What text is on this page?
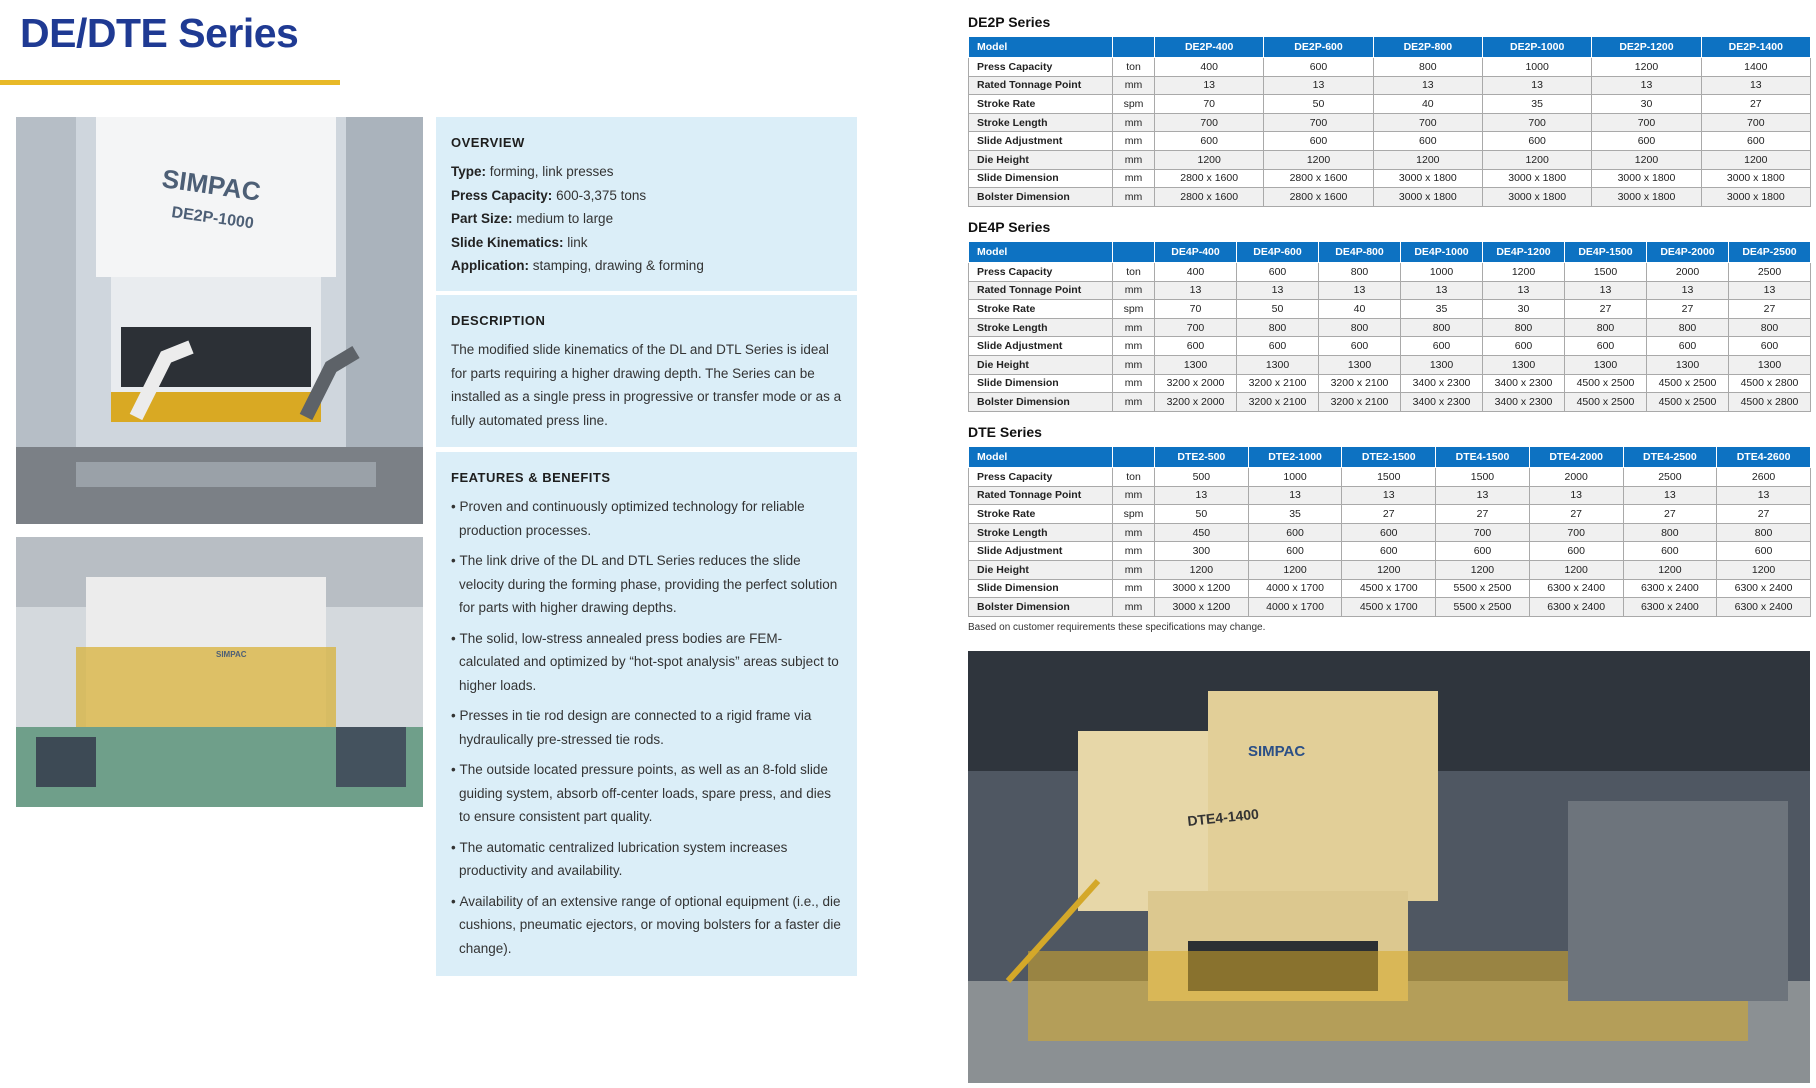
DE/DTE Series
SIMPAC
DE2P-1000
SIMPAC
OVERVIEW
Type: forming, link presses
Press Capacity: 600-3,375 tons
Part Size: medium to large
Slide Kinematics: link
Application: stamping, drawing & forming
DESCRIPTION
The modified slide kinematics of the DL and DTL Series is ideal for parts requiring a higher drawing depth. The Series can be installed as a single press in progressive or transfer mode or as a fully automated press line.
FEATURES & BENEFITS
• Proven and continuously optimized technology for reliable production processes.
• The link drive of the DL and DTL Series reduces the slide velocity during the forming phase, providing the perfect solution for parts with higher drawing depths.
• The solid, low-stress annealed press bodies are FEM-calculated and optimized by “hot-spot analysis” areas subject to higher loads.
• Presses in tie rod design are connected to a rigid frame via hydraulically pre-stressed tie rods.
• The outside located pressure points, as well as an 8-fold slide guiding system, absorb off-center loads, spare press, and dies to ensure consistent part quality.
• The automatic centralized lubrication system increases productivity and availability.
• Availability of an extensive range of optional equipment (i.e., die cushions, pneumatic ejectors, or moving bolsters for a faster die change).
DE2P Series
Model		DE2P-400	DE2P-600	DE2P-800	DE2P-1000	DE2P-1200	DE2P-1400
Press Capacity	ton	400	600	800	1000	1200	1400
Rated Tonnage Point	mm	13	13	13	13	13	13
Stroke Rate	spm	70	50	40	35	30	27
Stroke Length	mm	700	700	700	700	700	700
Slide Adjustment	mm	600	600	600	600	600	600
Die Height	mm	1200	1200	1200	1200	1200	1200
Slide Dimension	mm	2800 x 1600	2800 x 1600	3000 x 1800	3000 x 1800	3000 x 1800	3000 x 1800
Bolster Dimension	mm	2800 x 1600	2800 x 1600	3000 x 1800	3000 x 1800	3000 x 1800	3000 x 1800
DE4P Series
Model		DE4P-400	DE4P-600	DE4P-800	DE4P-1000	DE4P-1200	DE4P-1500	DE4P-2000	DE4P-2500
Press Capacity	ton	400	600	800	1000	1200	1500	2000	2500
Rated Tonnage Point	mm	13	13	13	13	13	13	13	13
Stroke Rate	spm	70	50	40	35	30	27	27	27
Stroke Length	mm	700	800	800	800	800	800	800	800
Slide Adjustment	mm	600	600	600	600	600	600	600	600
Die Height	mm	1300	1300	1300	1300	1300	1300	1300	1300
Slide Dimension	mm	3200 x 2000	3200 x 2100	3200 x 2100	3400 x 2300	3400 x 2300	4500 x 2500	4500 x 2500	4500 x 2800
Bolster Dimension	mm	3200 x 2000	3200 x 2100	3200 x 2100	3400 x 2300	3400 x 2300	4500 x 2500	4500 x 2500	4500 x 2800
DTE Series
Model		DTE2-500	DTE2-1000	DTE2-1500	DTE4-1500	DTE4-2000	DTE4-2500	DTE4-2600
Press Capacity	ton	500	1000	1500	1500	2000	2500	2600
Rated Tonnage Point	mm	13	13	13	13	13	13	13
Stroke Rate	spm	50	35	27	27	27	27	27
Stroke Length	mm	450	600	600	700	700	800	800
Slide Adjustment	mm	300	600	600	600	600	600	600
Die Height	mm	1200	1200	1200	1200	1200	1200	1200
Slide Dimension	mm	3000 x 1200	4000 x 1700	4500 x 1700	5500 x 2500	6300 x 2400	6300 x 2400	6300 x 2400
Bolster Dimension	mm	3000 x 1200	4000 x 1700	4500 x 1700	5500 x 2500	6300 x 2400	6300 x 2400	6300 x 2400
Based on customer requirements these specifications may change.
SIMPAC
DTE4-1400
